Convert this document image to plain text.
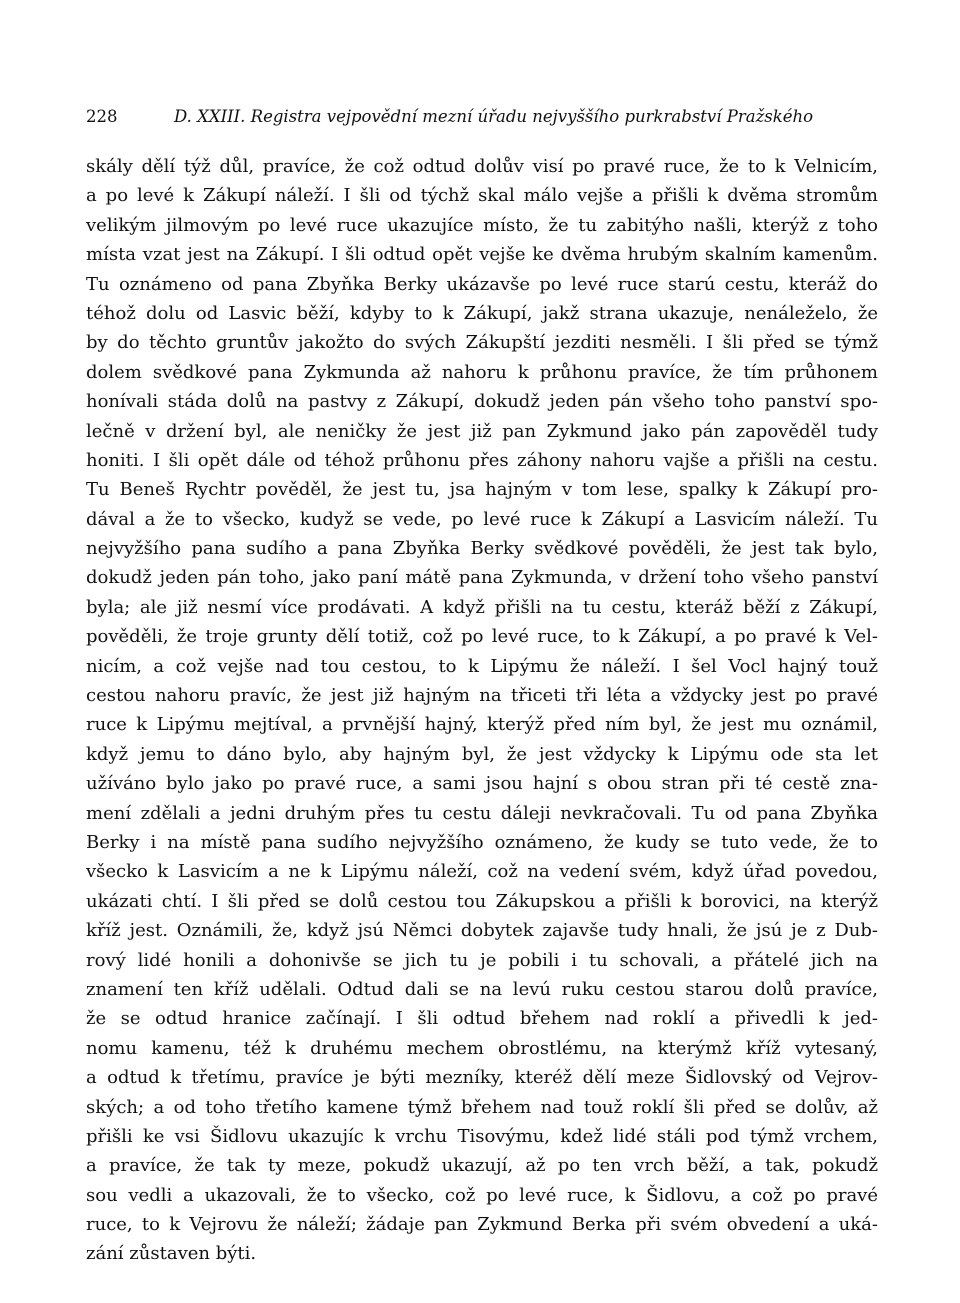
228	D. XXIII. Registra vejpovědní mezní úřadu nejvyššího purkrabství Pražského
skály dělí týž důl, pravíce, že což odtud dolův visí po pravé ruce, že to k Velnicím,
a po levé k Zákupí náleží. I šli od týchž skal málo vejše a přišli k dvěma stromům
velikým jilmovým po levé ruce ukazujíce místo, že tu zabitýho našli, kterýž z toho
místa vzat jest na Zákupí. I šli odtud opět vejše ke dvěma hrubým skalním kamenům.
Tu oznámeno od pana Zbyňka Berky ukázavše po levé ruce starú cestu, kteráž do
téhož dolu od Lasvic běží, kdyby to k Zákupí, jakž strana ukazuje, nenáleželo, že
by do těchto gruntův jakožto do svých Zákupští jezditi nesměli. I šli před se týmž
dolem svědkové pana Zykmunda až nahoru k průhonu pravíce, že tím průhonem
honívali stáda dolů na pastvy z Zákupí, dokudž jeden pán všeho toho panství spo-
lečně v držení byl, ale neničky že jest již pan Zykmund jako pán zapověděl tudy
honiti. I šli opět dále od téhož průhonu přes záhony nahoru vajše a přišli na cestu.
Tu Beneš Rychtr pověděl, že jest tu, jsa hajným v tom lese, spalky k Zákupí pro-
dával a že to všecko, kudyž se vede, po levé ruce k Zákupí a Lasvicím náleží. Tu
nejvyžšího pana sudího a pana Zbyňka Berky svědkové pověděli, že jest tak bylo,
dokudž jeden pán toho, jako paní mátě pana Zykmunda, v držení toho všeho panství
byla; ale již nesmí více prodávati. A když přišli na tu cestu, kteráž běží z Zákupí,
pověděli, že troje grunty dělí totiž, což po levé ruce, to k Zákupí, a po pravé k Vel-
nicím, a což vejše nad tou cestou, to k Lipýmu že náleží. I šel Vocl hajný touž
cestou nahoru pravíc, že jest již hajným na třiceti tři léta a vždycky jest po pravé
ruce k Lipýmu mejtíval, a prvnější hajný, kterýž před ním byl, že jest mu oznámil,
když jemu to dáno bylo, aby hajným byl, že jest vždycky k Lipýmu ode sta let
užíváno bylo jako po pravé ruce, a sami jsou hajní s obou stran při té cestě zna-
mení zdělali a jedni druhým přes tu cestu dáleji nevkračovali. Tu od pana Zbyňka
Berky i na místě pana sudího nejvyžšího oznámeno, že kudy se tuto vede, že to
všecko k Lasvicím a ne k Lipýmu náleží, což na vedení svém, když úřad povedou,
ukázati chtí. I šli před se dolů cestou tou Zákupskou a přišli k borovici, na kterýž
kříž jest. Oznámili, že, když jsú Němci dobytek zajavše tudy hnali, že jsú je z Dub-
rový lidé honili a dohonivše se jich tu je pobili i tu schovali, a přátelé jich na
znamení ten kříž udělali. Odtud dali se na levú ruku cestou starou dolů pravíce,
že se odtud hranice začínají. I šli odtud břehem nad roklí a přivedli k jed-
nomu kamenu, též k druhému mechem obrostlému, na kterýmž kříž vytesaný,
a odtud k třetímu, pravíce je býti mezníky, kteréž dělí meze Šidlovský od Vejrov-
ských; a od toho třetího kamene týmž břehem nad touž roklí šli před se dolův, až
přišli ke vsi Šidlovu ukazujíc k vrchu Tisovýmu, kdež lidé stáli pod týmž vrchem,
a pravíce, že tak ty meze, pokudž ukazují, až po ten vrch běží, a tak, pokudž
sou vedli a ukazovali, že to všecko, což po levé ruce, k Šidlovu, a což po pravé
ruce, to k Vejrovu že náleží; žádaje pan Zykmund Berka při svém obvedení a uká-
zání zůstaven býti.
